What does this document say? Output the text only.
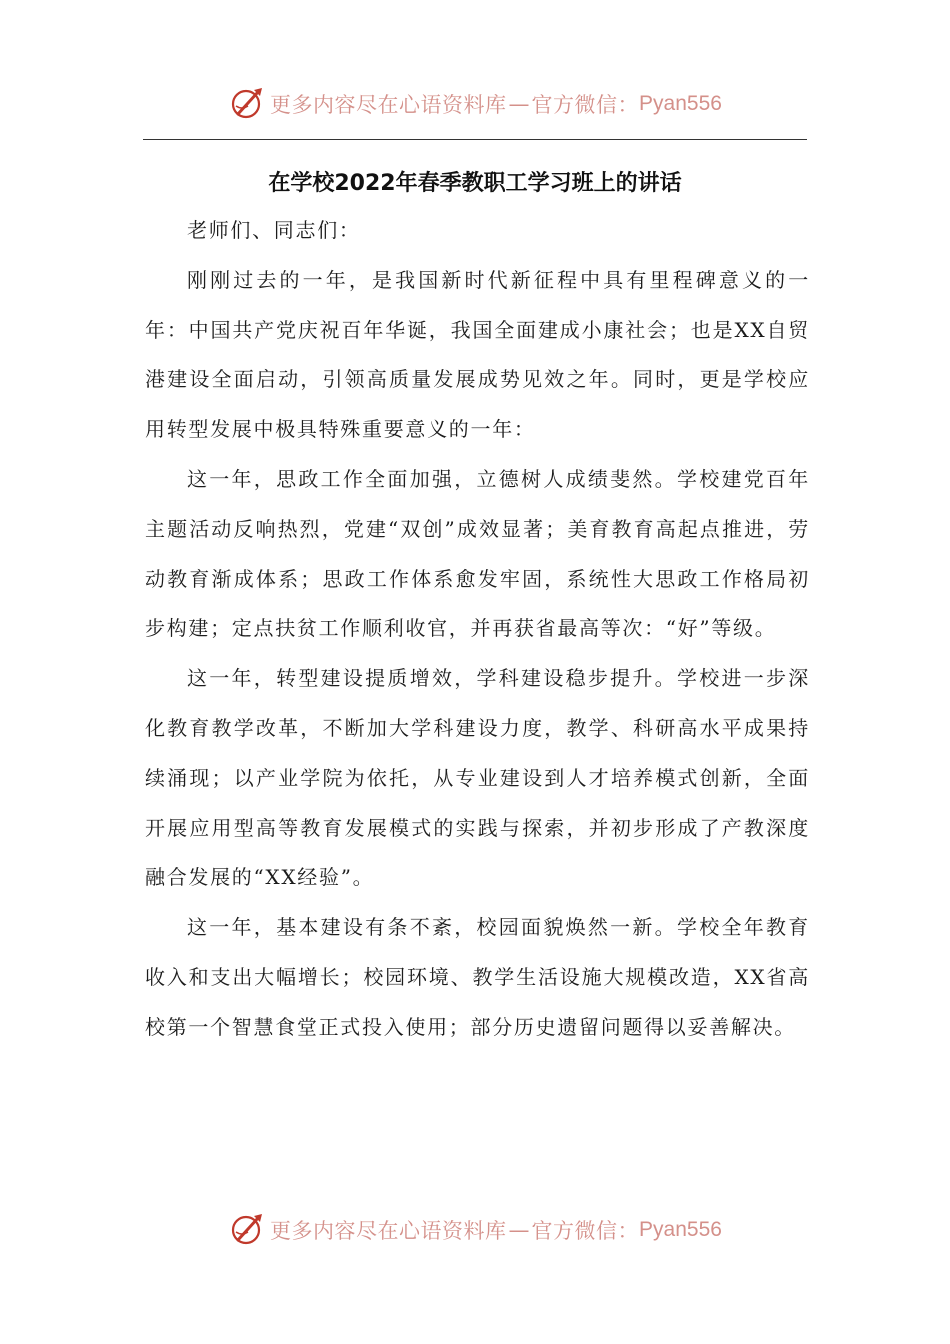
更多内容尽在心语资料库 — 官方微信： Pyan556
在学校2022年春季教职工学习班上的讲话

老师们、同志们：

刚刚过去的一年，是我国新时代新征程中具有里程碑意义的一年：中国共产党庆祝百年华诞，我国全面建成小康社会；也是XX自贸港建设全面启动，引领高质量发展成势见效之年。同时，更是学校应用转型发展中极具特殊重要意义的一年：

这一年，思政工作全面加强，立德树人成绩斐然。学校建党百年主题活动反响热烈，党建“双创”成效显著；美育教育高起点推进，劳动教育渐成体系；思政工作体系愈发牢固，系统性大思政工作格局初步构建；定点扶贫工作顺利收官，并再获省最高等次：“好”等级。

这一年，转型建设提质增效，学科建设稳步提升。学校进一步深化教育教学改革，不断加大学科建设力度，教学、科研高水平成果持续涌现；以产业学院为依托，从专业建设到人才培养模式创新，全面开展应用型高等教育发展模式的实践与探索，并初步形成了产教深度融合发展的“XX经验”。

这一年，基本建设有条不紊，校园面貌焕然一新。学校全年教育收入和支出大幅增长；校园环境、教学生活设施大规模改造，XX省高校第一个智慧食堂正式投入使用；部分历史遗留问题得以妥善解决。

更多内容尽在心语资料库 — 官方微信： Pyan556
